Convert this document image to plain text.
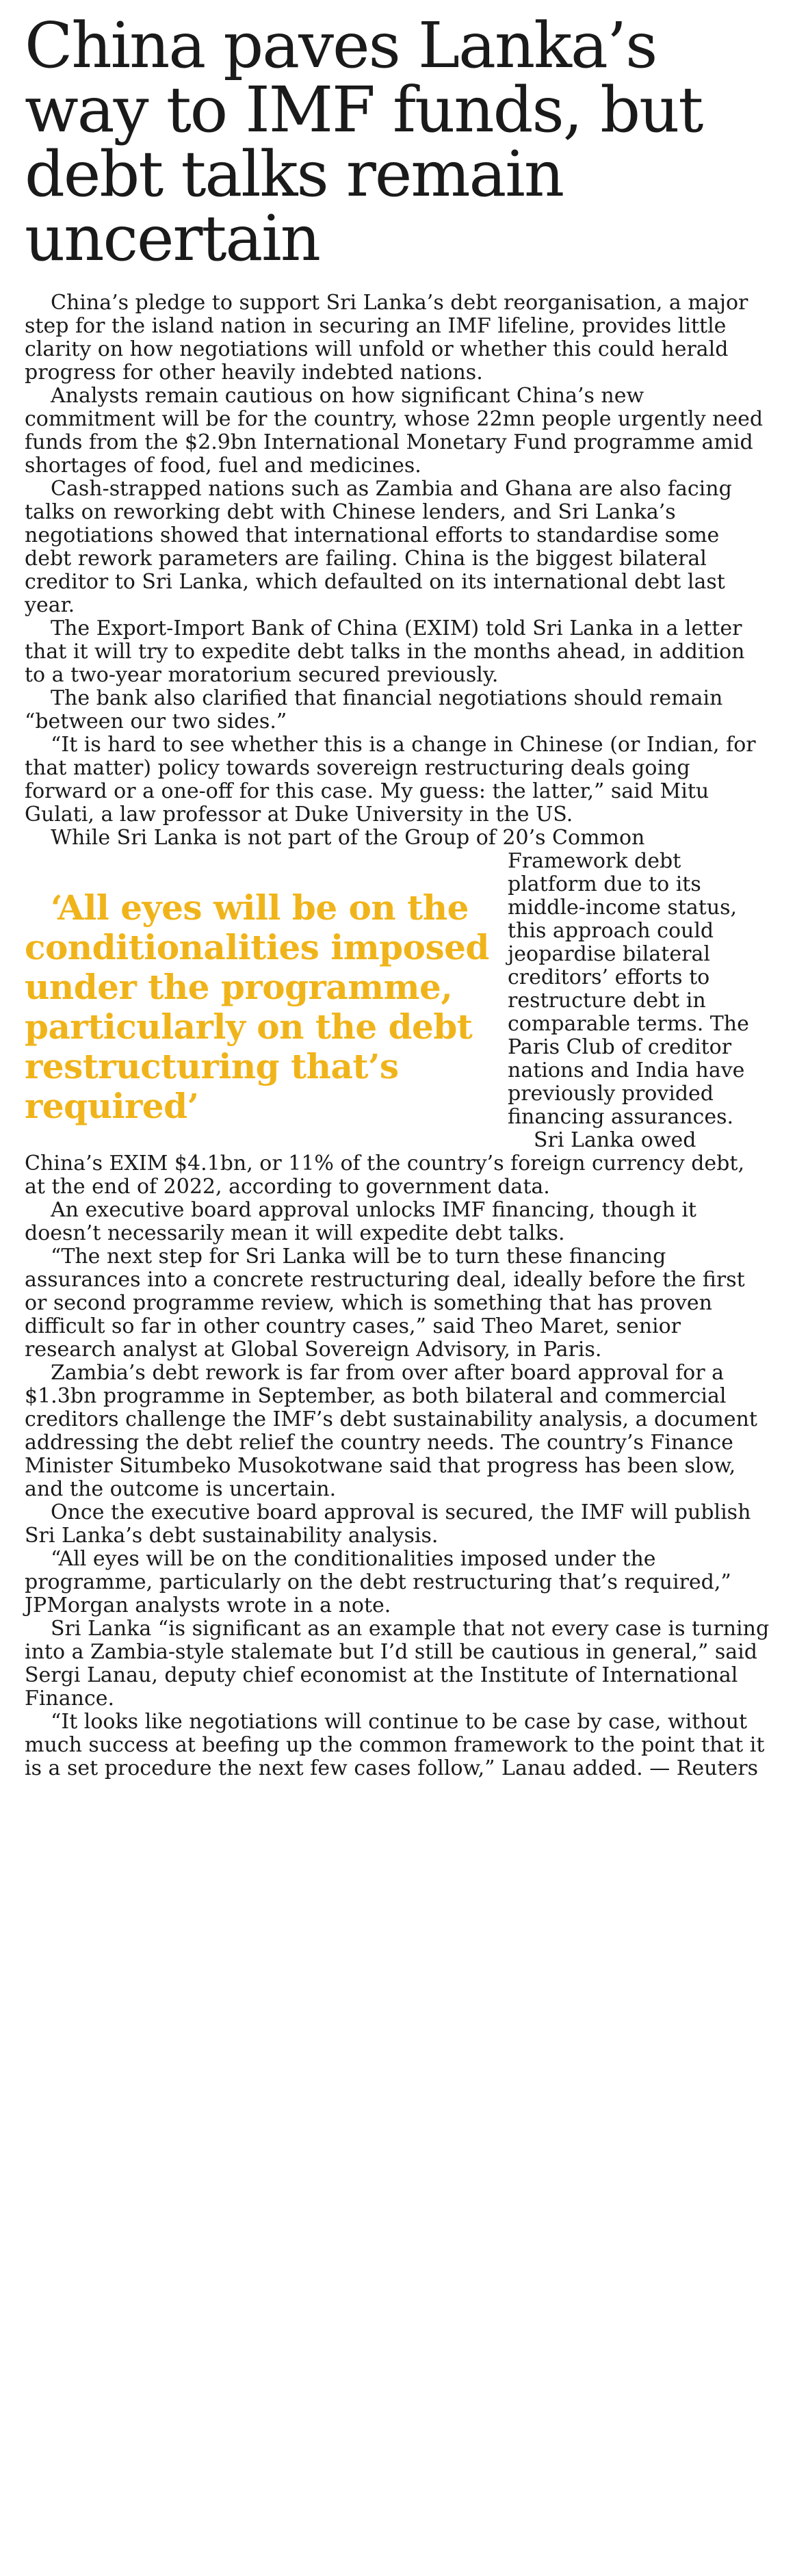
China paves Lanka’s way to IMF funds, but debt talks remain uncertain

China’s pledge to support Sri Lanka’s debt reorganisation, a major step for the island nation in securing an IMF lifeline, provides little clarity on how negotiations will unfold or whether this could herald progress for other heavily indebted nations.

Analysts remain cautious on how significant China’s new commitment will be for the country, whose 22mn people urgently need funds from the $2.9bn International Monetary Fund programme amid shortages of food, fuel and medicines.

Cash-strapped nations such as Zambia and Ghana are also facing talks on reworking debt with Chinese lenders, and Sri Lanka’s negotiations showed that international efforts to standardise some debt rework parameters are failing. China is the biggest bilateral creditor to Sri Lanka, which defaulted on its international debt last year.

The Export-Import Bank of China (EXIM) told Sri Lanka in a letter that it will try to expedite debt talks in the months ahead, in addition to a two-year moratorium secured previously.

The bank also clarified that financial negotiations should remain “between our two sides.”

“It is hard to see whether this is a change in Chinese (or Indian, for that matter) policy towards sovereign restructuring deals going forward or a one-off for this case. My guess: the latter,” said Mitu Gulati, a law professor at Duke University in the US.

While Sri Lanka is not part of the Group of 20’s Common

‘All eyes will be on the conditionalities imposed under the programme, particularly on the debt restructuring that’s required’

Framework debt platform due to its middle-income status, this approach could jeopardise bilateral creditors’ efforts to restructure debt in comparable terms. The Paris Club of creditor nations and India have previously provided financing assurances.

Sri Lanka owed China’s EXIM $4.1bn, or 11% of the country’s foreign currency debt, at the end of 2022, according to government data.

An executive board approval unlocks IMF financing, though it doesn’t necessarily mean it will expedite debt talks.

“The next step for Sri Lanka will be to turn these financing assurances into a concrete restructuring deal, ideally before the first or second programme review, which is something that has proven difficult so far in other country cases,” said Theo Maret, senior research analyst at Global Sovereign Advisory, in Paris.

Zambia’s debt rework is far from over after board approval for a $1.3bn programme in September, as both bilateral and commercial creditors challenge the IMF’s debt sustainability analysis, a document addressing the debt relief the country needs. The country’s Finance Minister Situmbeko Musokotwane said that progress has been slow, and the outcome is uncertain.

Once the executive board approval is secured, the IMF will publish Sri Lanka’s debt sustainability analysis.

“All eyes will be on the conditionalities imposed under the programme, particularly on the debt restructuring that’s required,” JPMorgan analysts wrote in a note.

Sri Lanka “is significant as an example that not every case is turning into a Zambia-style stalemate but I’d still be cautious in general,” said Sergi Lanau, deputy chief economist at the Institute of International Finance.

“It looks like negotiations will continue to be case by case, without much success at beefing up the common framework to the point that it is a set procedure the next few cases follow,” Lanau added. — Reuters
